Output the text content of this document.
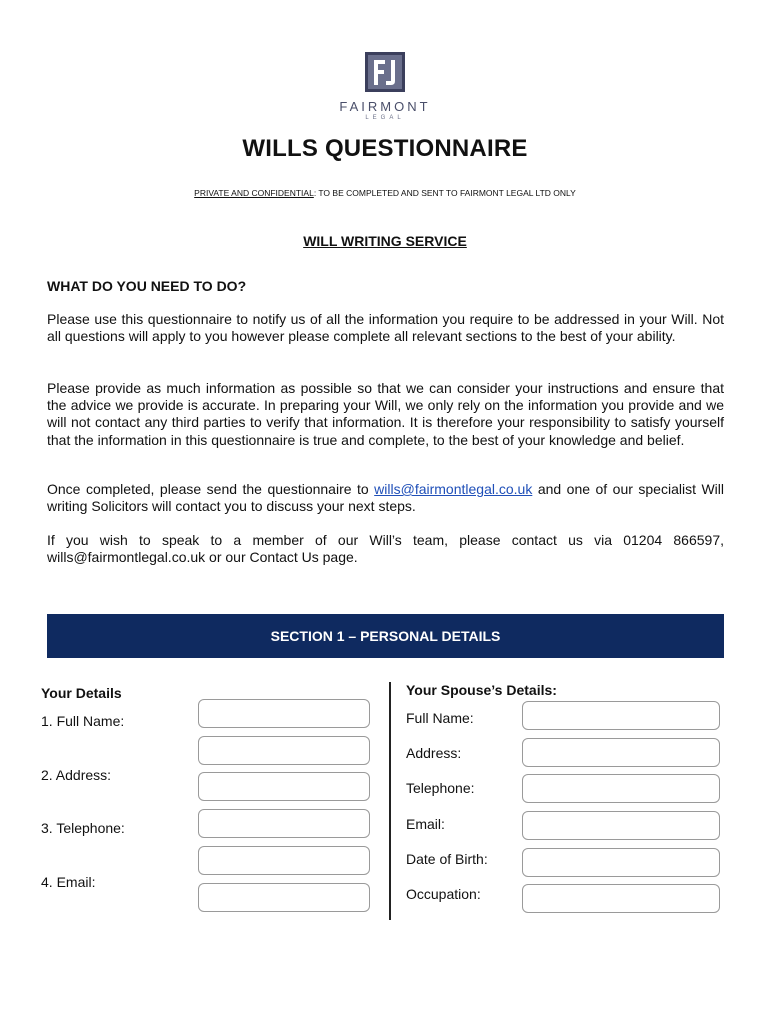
FAIRMONT
LEGAL
WILLS QUESTIONNAIRE
PRIVATE AND CONFIDENTIAL: TO BE COMPLETED AND SENT TO FAIRMONT LEGAL LTD ONLY
WILL WRITING SERVICE
WHAT DO YOU NEED TO DO?
Please use this questionnaire to notify us of all the information you require to be addressed in your Will. Not all questions will apply to you however please complete all relevant sections to the best of your ability.
Please provide as much information as possible so that we can consider your instructions and ensure that the advice we provide is accurate. In preparing your Will, we only rely on the information you provide and we will not contact any third parties to verify that information. It is therefore your responsibility to satisfy yourself that the information in this questionnaire is true and complete, to the best of your knowledge and belief.
Once completed, please send the questionnaire to wills@fairmontlegal.co.uk and one of our specialist Will writing Solicitors will contact you to discuss your next steps.
If you wish to speak to a member of our Will’s team, please contact us via 01204 866597, wills@fairmontlegal.co.uk or our Contact Us page.
SECTION 1 – PERSONAL DETAILS
Your Details
1. Full Name:
2. Address:
3. Telephone:
4. Email:
Your Spouse’s Details:
Full Name:
Address:
Telephone:
Email:
Date of Birth:
Occupation:
